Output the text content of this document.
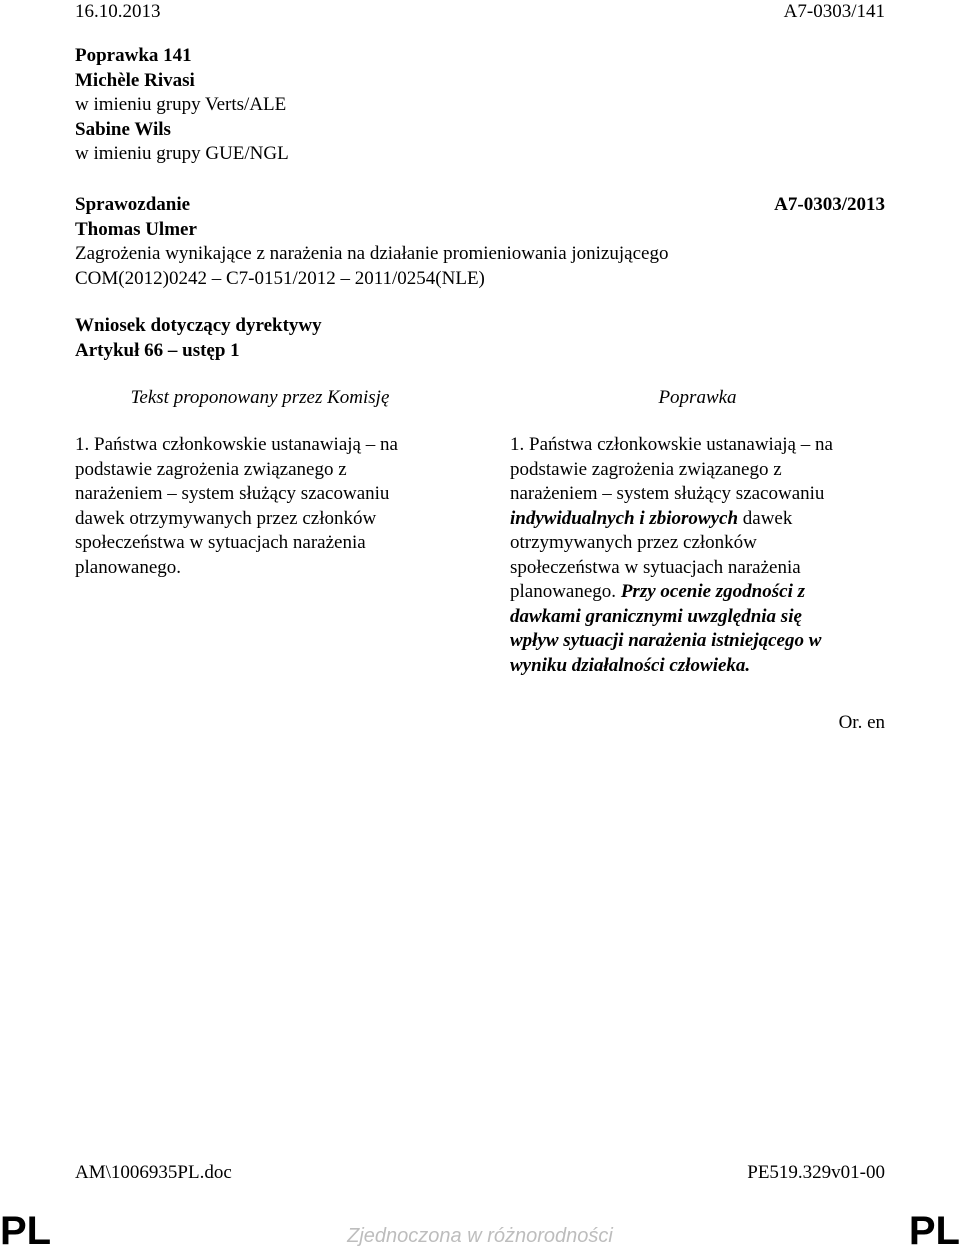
16.10.2013	A7-0303/141
Poprawka 141
Michèle Rivasi
w imieniu grupy Verts/ALE
Sabine Wils
w imieniu grupy GUE/NGL
Sprawozdanie
Thomas Ulmer
Zagrożenia wynikające z narażenia na działanie promieniowania jonizującego
COM(2012)0242 – C7-0151/2012 – 2011/0254(NLE)
A7-0303/2013
Wniosek dotyczący dyrektywy
Artykuł 66 – ustęp 1
Tekst proponowany przez Komisję	Poprawka
1. Państwa członkowskie ustanawiają – na
podstawie zagrożenia związanego z
narażeniem – system służący szacowaniu
dawek otrzymywanych przez członków
społeczeństwa w sytuacjach narażenia
planowanego.
1. Państwa członkowskie ustanawiają – na
podstawie zagrożenia związanego z
narażeniem – system służący szacowaniu
indywidualnych i zbiorowych dawek
otrzymywanych przez członków
społeczeństwa w sytuacjach narażenia
planowanego. Przy ocenie zgodności z
dawkami granicznymi uwzględnia się
wpływ sytuacji narażenia istniejącego w
wyniku działalności człowieka.
Or. en
AM\1006935PL.doc	PE519.329v01-00
PL	PL
Zjednoczona w różnorodności
